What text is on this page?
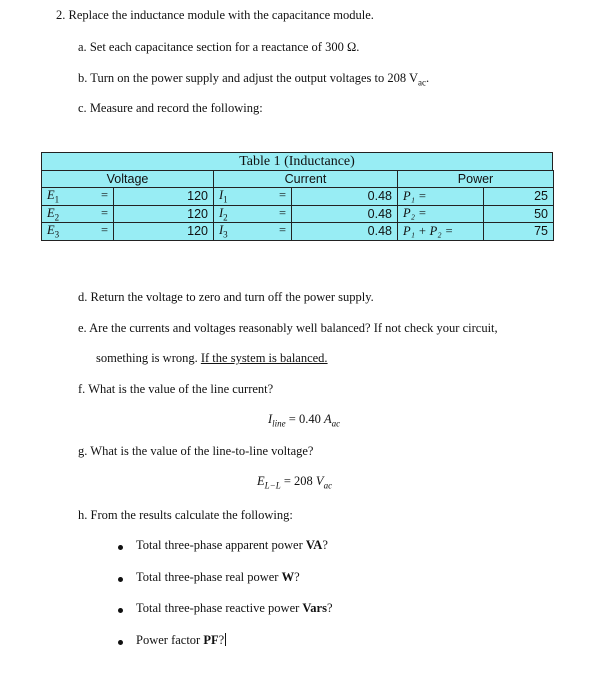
2. Replace the inductance module with the capacitance module.
a. Set each capacitance section for a reactance of 300 Ω.
b. Turn on the power supply and adjust the output voltages to 208 $V_{ac}$.
c. Measure and record the following:
Table 1 (Inductance)
Voltage		Current		Power	
$E_1$ =	120	$I_1$ =	0.48	P₁ =	25
$E_2$ =	120	$I_2$ =	0.48	P₂ =	50
$E_3$ =	120	$I_3$ =	0.48	P₁ + P₂ =	75
d. Return the voltage to zero and turn off the power supply.
e. Are the currents and voltages reasonably well balanced? If not check your circuit,
something is wrong. If the system is balanced.
f. What is the value of the line current?
$I_{line} = 0.40$ $A_{ac}$
g. What is the value of the line-to-line voltage?
$E_{L-L} = 208$ $V_{ac}$
h. From the results calculate the following:
Total three-phase apparent power VA?
Total three-phase real power W?
Total three-phase reactive power Vars?
Power factor PF?
